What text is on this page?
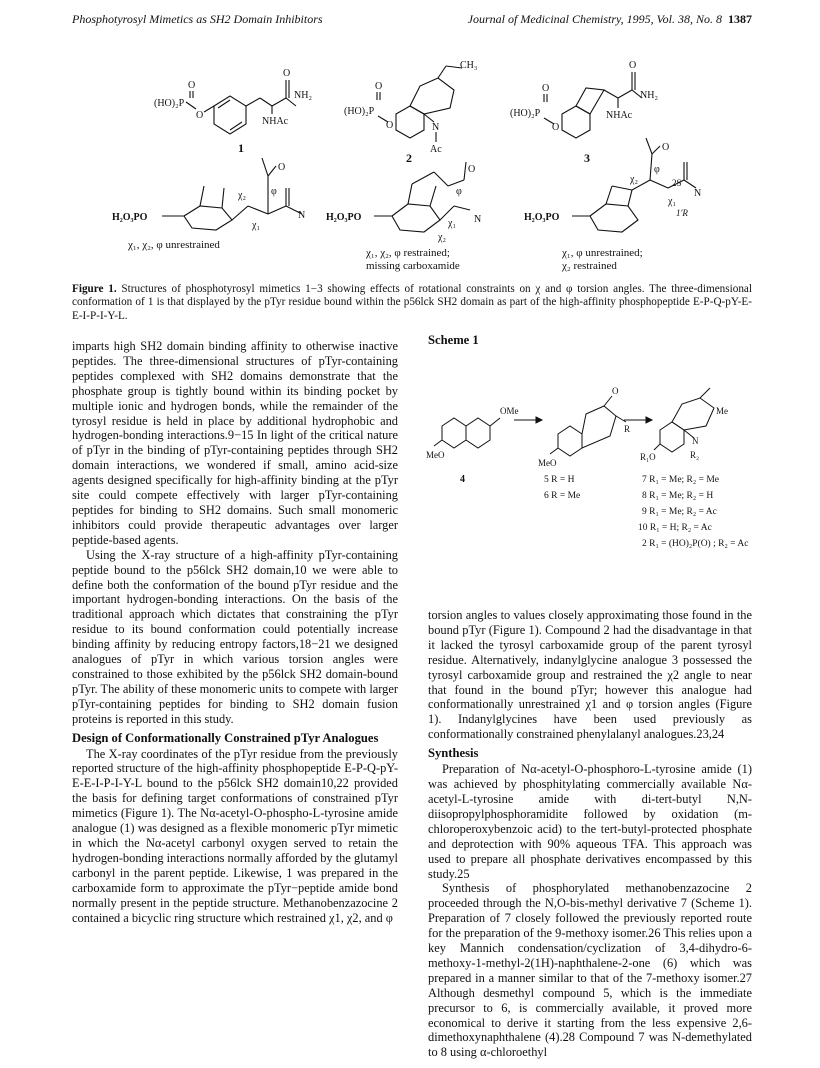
Phosphotyrosyl Mimetics as SH2 Domain Inhibitors	Journal of Medicinal Chemistry, 1995, Vol. 38, No. 8 1387
(HO)₂P
O
O
O
NH₂
NHAc
1
(HO)₂P
O
O	N
CH₃
Ac
2
(HO)₂P
O
O
O
NH₂
NHAc
3
H₂O₃PO
O
φ
χ₂
χ₁
N
χ₁, χ₂, φ unrestrained
H₂O₃PO
O
N
φ
χ₁
χ₂
χ₁, χ₂, φ restrained;
missing carboxamide
H₂O₃PO
O
N
φ
χ₂
χ₁
2S
1'R
χ₁, φ unrestrained;
χ₂ restrained
Figure 1. Structures of phosphotyrosyl mimetics 1−3 showing effects of rotational constraints on χ and φ torsion angles. The three-dimensional conformation of 1 is that displayed by the pTyr residue bound within the p56lck SH2 domain as part of the high-affinity phosphopeptide E-P-Q-pY-E-E-I-P-I-Y-L.

imparts high SH2 domain binding affinity to otherwise inactive peptides. The three-dimensional structures of pTyr-containing peptides complexed with SH2 domains demonstrate that the phosphate group is tightly bound within its binding pocket by multiple ionic and hydrogen bonds, while the remainder of the tyrosyl residue is held in place by additional hydrophobic and hydrogen-bonding interactions.9−15 In light of the critical nature of pTyr in the binding of pTyr-containing peptides through SH2 domain interactions, we wondered if small, amino acid-size agents designed specifically for high-affinity binding at the pTyr site could compete effectively with larger pTyr-containing peptides for binding to SH2 domains. Such small monomeric inhibitors could provide therapeutic advantages over larger peptide-based agents.

Using the X-ray structure of a high-affinity pTyr-containing peptide bound to the p56lck SH2 domain,10 we were able to define both the conformation of the bound pTyr residue and the important hydrogen-bonding interactions. On the basis of the traditional approach which dictates that constraining the pTyr residue to its bound conformation could potentially increase binding affinity by reducing entropy factors,18−21 we designed analogues of pTyr in which various torsion angles were constrained to those exhibited by the p56lck SH2 domain-bound pTyr. The ability of these monomeric units to compete with larger pTyr-containing peptides for binding to SH2 domain fusion proteins is reported in this study.

Design of Conformationally Constrained pTyr Analogues

The X-ray coordinates of the pTyr residue from the previously reported structure of the high-affinity phosphopeptide E-P-Q-pY-E-E-I-P-I-Y-L bound to the p56lck SH2 domain10,22 provided the basis for defining target conformations of constrained pTyr mimetics (Figure 1). The Nα-acetyl-O-phospho-L-tyrosine amide analogue (1) was designed as a flexible monomeric pTyr mimetic in which the Nα-acetyl carbonyl oxygen served to retain the hydrogen-bonding interactions normally afforded by the glutamyl carbonyl in the parent peptide. Likewise, 1 was prepared in the carboxamide form to approximate the pTyr−peptide amide bond normally present in the peptide structure. Methanobenzazocine 2 contained a bicyclic ring structure which restrained χ1, χ2, and φ

Scheme 1
OMe
MeO
4
O
R
MeO
5 R = H
6 R = Me
N
Me
R₂
R₁O
7 R₁ = Me; R₂ = Me
8 R₁ = Me; R₂ = H
9 R₁ = Me; R₂ = Ac
10 R₁ = H; R₂ = Ac
2 R₁ = (HO)₂P(O) ; R₂ = Ac

torsion angles to values closely approximating those found in the bound pTyr (Figure 1). Compound 2 had the disadvantage in that it lacked the tyrosyl carboxamide group of the parent tyrosyl residue. Alternatively, indanylglycine analogue 3 possessed the tyrosyl carboxamide group and restrained the χ2 angle to near that found in the bound pTyr; however this analogue had conformationally unrestrained χ1 and φ torsion angles (Figure 1). Indanylglycines have been used previously as conformationally constrained phenylalanyl analogues.23,24

Synthesis

Preparation of Nα-acetyl-O-phosphoro-L-tyrosine amide (1) was achieved by phosphitylating commercially available Nα-acetyl-L-tyrosine amide with di-tert-butyl N,N-diisopropylphosphoramidite followed by oxidation (m-chloroperoxybenzoic acid) to the tert-butyl-protected phosphate and deprotection with 90% aqueous TFA. This approach was used to prepare all phosphate derivatives encompassed by this study.25

Synthesis of phosphorylated methanobenzazocine 2 proceeded through the N,O-bis-methyl derivative 7 (Scheme 1). Preparation of 7 closely followed the previously reported route for the preparation of the 9-methoxy isomer.26 This relies upon a key Mannich condensation/cyclization of 3,4-dihydro-6-methoxy-1-methyl-2(1H)-naphthalene-2-one (6) which was prepared in a manner similar to that of the 7-methoxy isomer.27 Although desmethyl compound 5, which is the immediate precursor to 6, is commercially available, it proved more economical to derive it starting from the less expensive 2,6-dimethoxynaphthalene (4).28 Compound 7 was N-demethylated to 8 using α-chloroethyl
